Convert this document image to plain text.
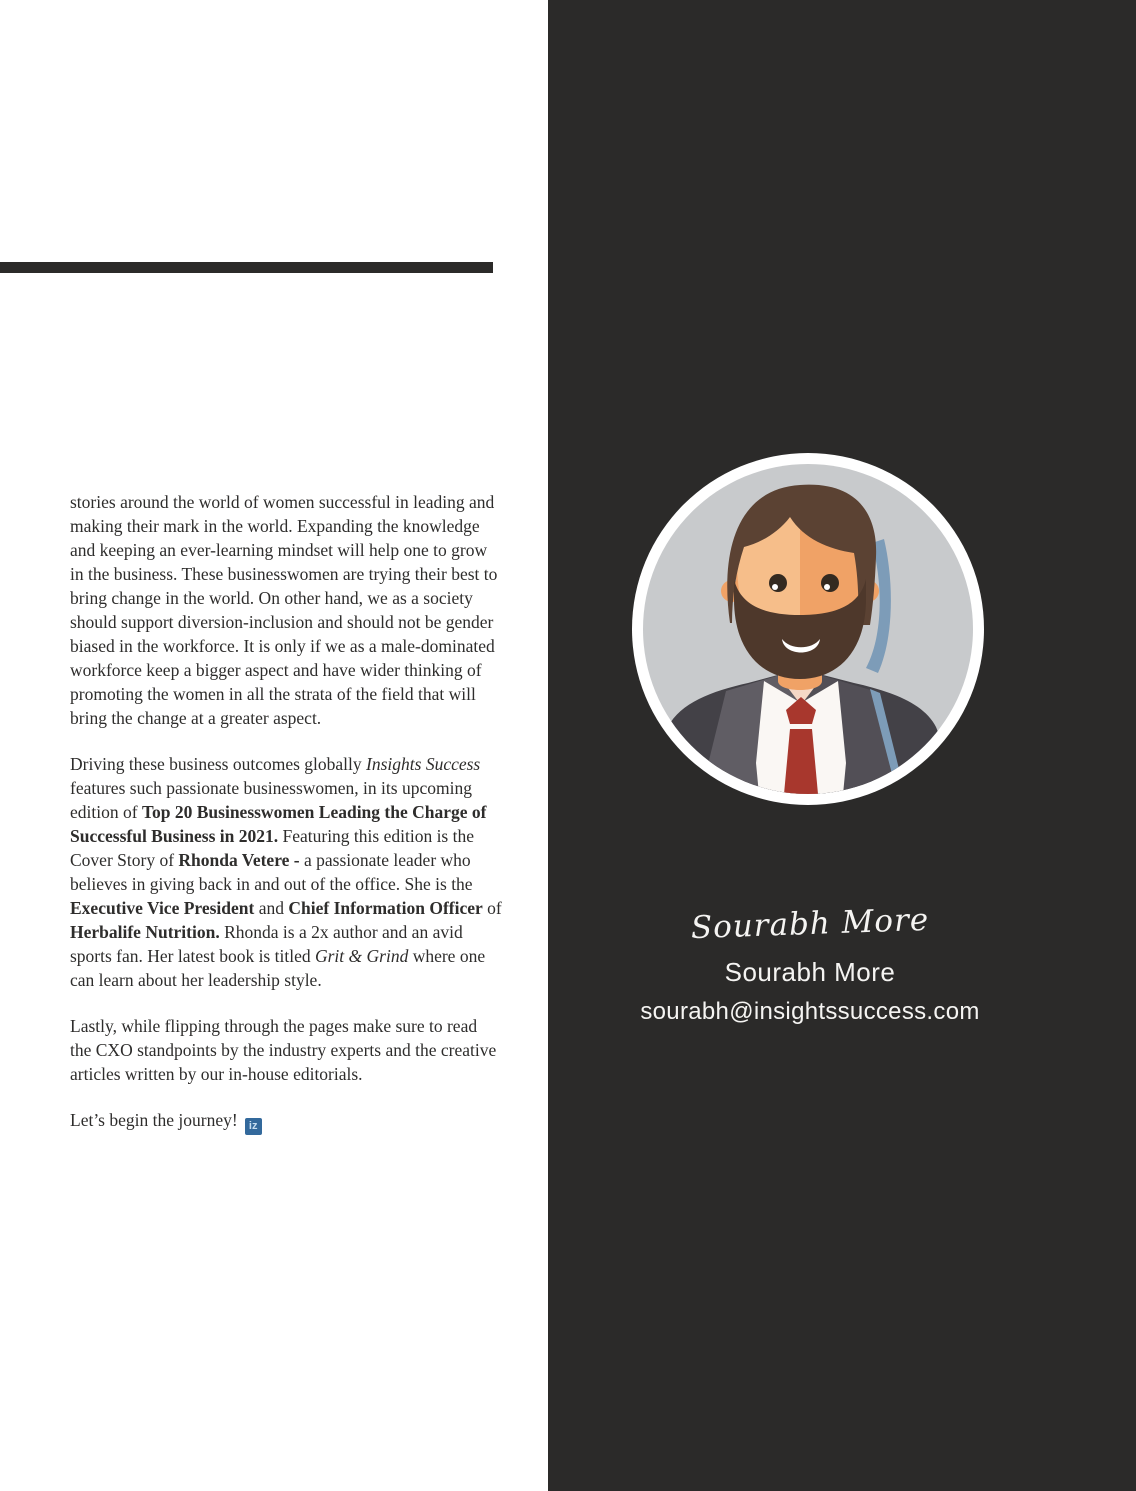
stories around the world of women successful in leading and making their mark in the world. Expanding the knowledge and keeping an ever-learning mindset will help one to grow in the business. These businesswomen are trying their best to bring change in the world. On other hand, we as a society should support diversion-inclusion and should not be gender biased in the workforce. It is only if we as a male-dominated workforce keep a bigger aspect and have wider thinking of promoting the women in all the strata of the field that will bring the change at a greater aspect.

Driving these business outcomes globally Insights Success features such passionate businesswomen, in its upcoming edition of Top 20 Businesswomen Leading the Charge of Successful Business in 2021. Featuring this edition is the Cover Story of Rhonda Vetere - a passionate leader who believes in giving back in and out of the office. She is the Executive Vice President and Chief Information Officer of Herbalife Nutrition. Rhonda is a 2x author and an avid sports fan. Her latest book is titled Grit & Grind where one can learn about her leadership style.

Lastly, while flipping through the pages make sure to read the CXO standpoints by the industry experts and the creative articles written by our in-house editorials.

Let’s begin the journey! iz

Sourabh More
Sourabh More
sourabh@insightssuccess.com
